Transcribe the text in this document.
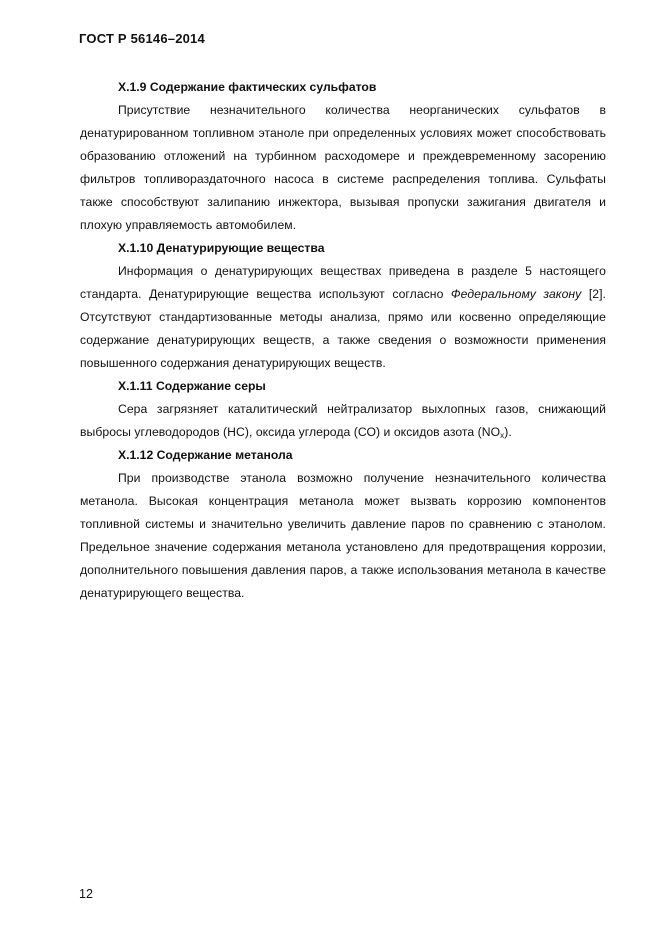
ГОСТ Р 56146–2014
Х.1.9 Содержание фактических сульфатов

Присутствие незначительного количества неорганических сульфатов в денатурированном топливном этаноле при определенных условиях может способствовать образованию отложений на турбинном расходомере и преждевременному засорению фильтров топливораздаточного насоса в системе распределения топлива. Сульфаты также способствуют залипанию инжектора, вызывая пропуски зажигания двигателя и плохую управляемость автомобилем.

Х.1.10 Денатурирующие вещества

Информация о денатурирующих веществах приведена в разделе 5 настоящего стандарта. Денатурирующие вещества используют согласно Федеральному закону [2]. Отсутствуют стандартизованные методы анализа, прямо или косвенно определяющие содержание денатурирующих веществ, а также сведения о возможности применения повышенного содержания денатурирующих веществ.

Х.1.11 Содержание серы

Сера загрязняет каталитический нейтрализатор выхлопных газов, снижающий выбросы углеводородов (НС), оксида углерода (СО) и оксидов азота $(NO_x)$.

Х.1.12 Содержание метанола

При производстве этанола возможно получение незначительного количества метанола. Высокая концентрация метанола может вызвать коррозию компонентов топливной системы и значительно увеличить давление паров по сравнению с этанолом. Предельное значение содержания метанола установлено для предотвращения коррозии, дополнительного повышения давления паров, а также использования метанола в качестве денатурирующего вещества.

12
